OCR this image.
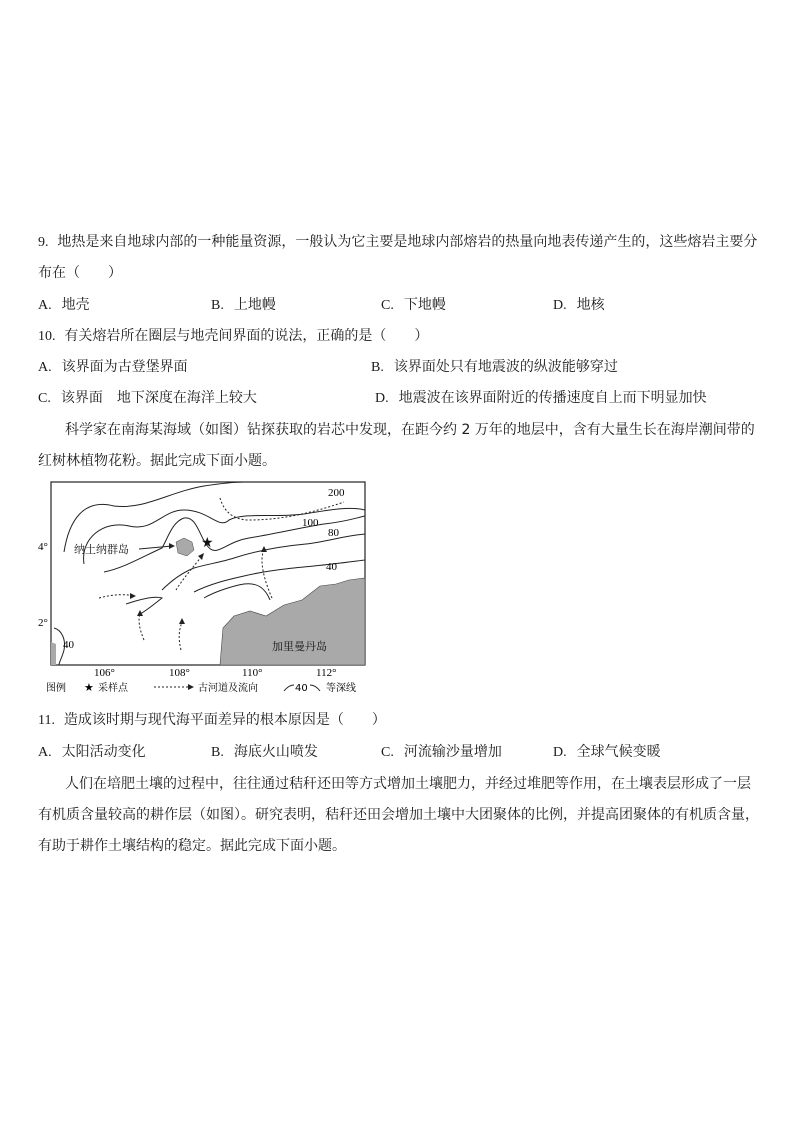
9. 地热是来自地球内部的一种能量资源，一般认为它主要是地球内部熔岩的热量向地表传递产生的，这些熔岩主要分
布在（　　）
A. 地壳	B. 上地幔	C. 下地幔	D. 地核
10. 有关熔岩所在圈层与地壳间界面的说法，正确的是（　　）
A. 该界面为古登堡界面	B. 该界面处只有地震波的纵波能够穿过
C. 该界面　地下深度在海洋上较大	D. 地震波在该界面附近的传播速度自上而下明显加快
科学家在南海某海域（如图）钻探获取的岩芯中发现，在距今约 2 万年的地层中，含有大量生长在海岸潮间带的
红树林植物花粉。据此完成下面小题。
★
纳土纳群岛
加里曼丹岛
200
100
80
40
40
4°
2°
106°	108°	110°	112°
图例 ★ 采样点	古河道及流向	40 等深线
11. 造成该时期与现代海平面差异的根本原因是（　　）
A. 太阳活动变化	B. 海底火山喷发	C. 河流输沙量增加	D. 全球气候变暖
人们在培肥土壤的过程中，往往通过秸秆还田等方式增加土壤肥力，并经过堆肥等作用，在土壤表层形成了一层
有机质含量较高的耕作层（如图）。研究表明，秸秆还田会增加土壤中大团聚体的比例，并提高团聚体的有机质含量，
有助于耕作土壤结构的稳定。据此完成下面小题。
